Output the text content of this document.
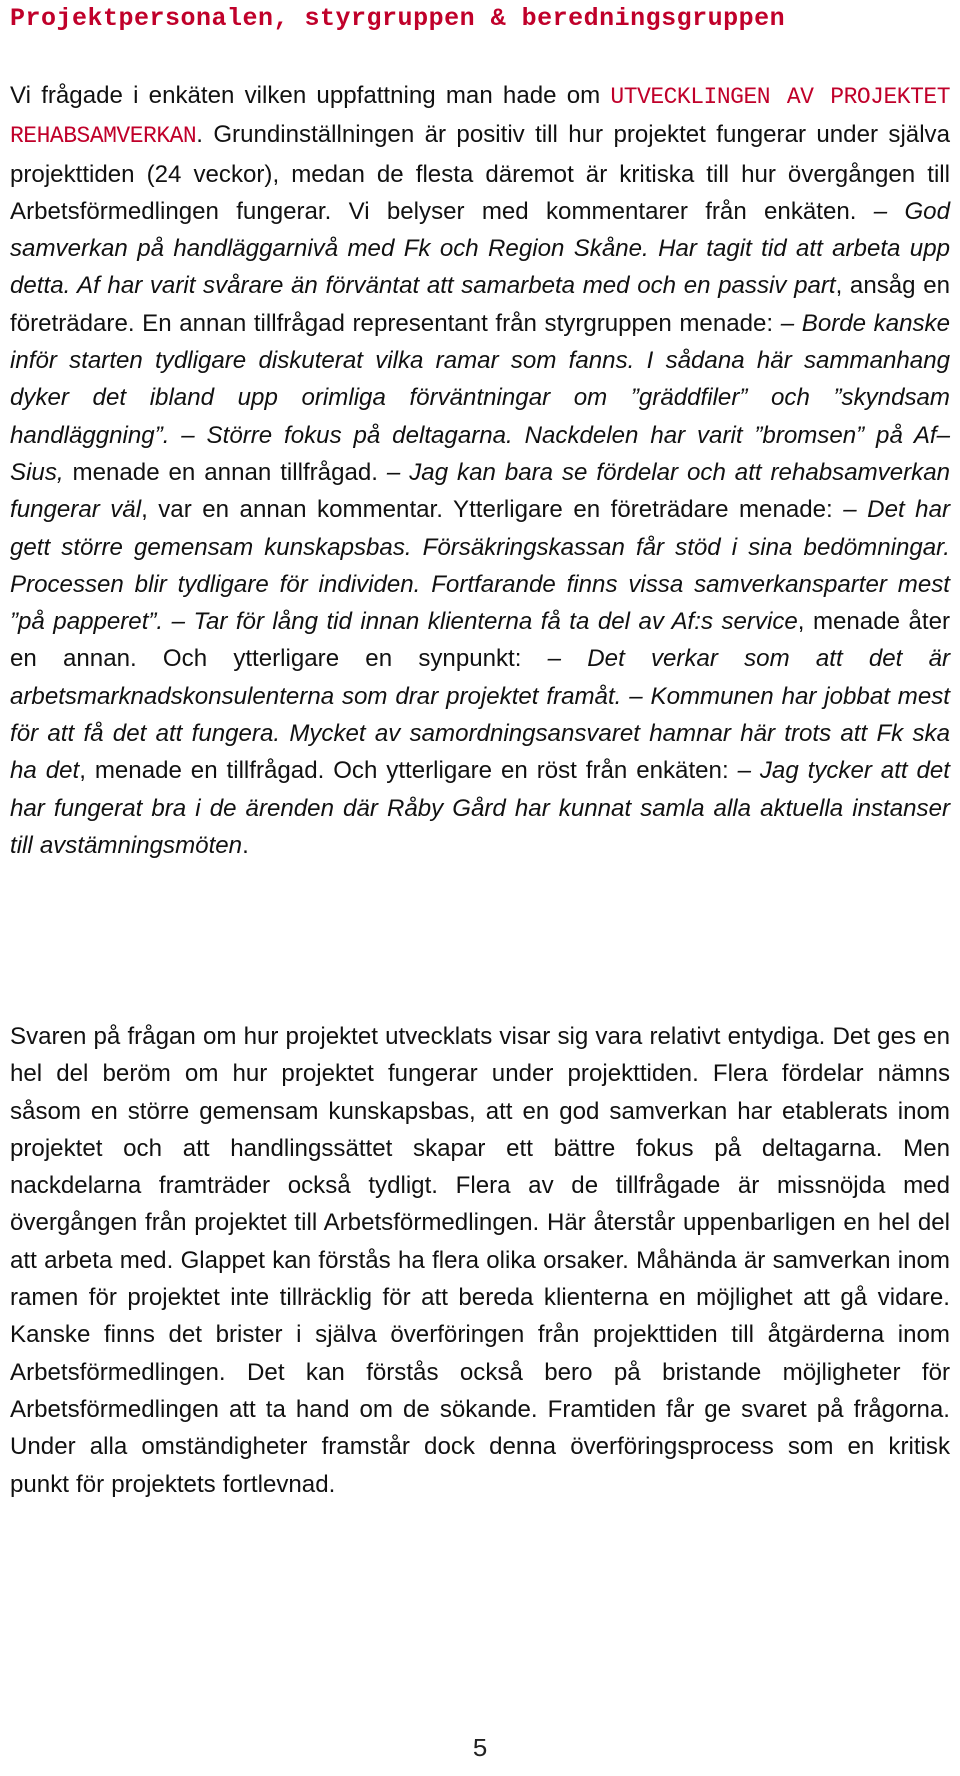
Projektpersonalen, styrgruppen & beredningsgruppen

Vi frågade i enkäten vilken uppfattning man hade om UTVECKLINGEN AV PROJEKTET REHABSAMVERKAN. Grundinställningen är positiv till hur projektet fungerar under själva projekttiden (24 veckor), medan de flesta däremot är kritiska till hur övergången till Arbetsförmedlingen fungerar. Vi belyser med kommentarer från enkäten. – God samverkan på handläggarnivå med Fk och Region Skåne. Har tagit tid att arbeta upp detta. Af har varit svårare än förväntat att samarbeta med och en passiv part, ansåg en företrädare. En annan tillfrågad representant från styrgruppen menade: – Borde kanske inför starten tydligare diskuterat vilka ramar som fanns. I sådana här sammanhang dyker det ibland upp orimliga förväntningar om ”gräddfiler” och ”skyndsam handläggning”. – Större fokus på deltagarna. Nackdelen har varit ”bromsen” på Af–Sius, menade en annan tillfrågad. – Jag kan bara se fördelar och att rehabsamverkan fungerar väl, var en annan kommentar. Ytterligare en företrädare menade: – Det har gett större gemensam kunskapsbas. Försäkringskassan får stöd i sina bedömningar. Processen blir tydligare för individen. Fortfarande finns vissa samverkansparter mest ”på papperet”. – Tar för lång tid innan klienterna få ta del av Af:s service, menade åter en annan. Och ytterligare en synpunkt: – Det verkar som att det är arbetsmarknadskonsulenterna som drar projektet framåt. – Kommunen har jobbat mest för att få det att fungera. Mycket av samordningsansvaret hamnar här trots att Fk ska ha det, menade en tillfrågad. Och ytterligare en röst från enkäten: – Jag tycker att det har fungerat bra i de ärenden där Råby Gård har kunnat samla alla aktuella instanser till avstämningsmöten.

Svaren på frågan om hur projektet utvecklats visar sig vara relativt entydiga. Det ges en hel del beröm om hur projektet fungerar under projekttiden. Flera fördelar nämns såsom en större gemensam kunskapsbas, att en god samverkan har etablerats inom projektet och att handlingssättet skapar ett bättre fokus på deltagarna. Men nackdelarna framträder också tydligt. Flera av de tillfrågade är missnöjda med övergången från projektet till Arbetsförmedlingen. Här återstår uppenbarligen en hel del att arbeta med. Glappet kan förstås ha flera olika orsaker. Måhända är samverkan inom ramen för projektet inte tillräcklig för att bereda klienterna en möjlighet att gå vidare. Kanske finns det brister i själva överföringen från projekttiden till åtgärderna inom Arbetsförmedlingen. Det kan förstås också bero på bristande möjligheter för Arbetsförmedlingen att ta hand om de sökande. Framtiden får ge svaret på frågorna. Under alla omständigheter framstår dock denna överföringsprocess som en kritisk punkt för projektets fortlevnad.

5
